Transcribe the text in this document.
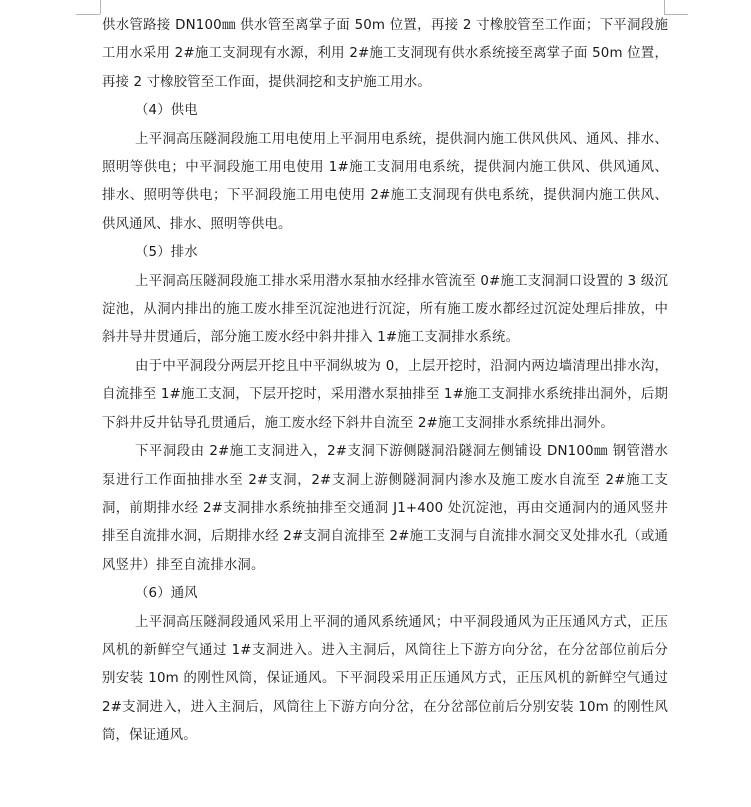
供水管路接 DN100㎜ 供水管至离掌子面 50m 位置，再接 2 寸橡胶管至工作面；下平洞段施工用水采用 2#施工支洞现有水源，利用 2#施工支洞现有供水系统接至离掌子面 50m 位置，再接 2 寸橡胶管至工作面，提供洞挖和支护施工用水。

（4）供电

上平洞高压隧洞段施工用电使用上平洞用电系统，提供洞内施工供风供风、通风、排水、照明等供电；中平洞段施工用电使用 1#施工支洞用电系统，提供洞内施工供风、供风通风、排水、照明等供电；下平洞段施工用电使用 2#施工支洞现有供电系统，提供洞内施工供风、供风通风、排水、照明等供电。

（5）排水

上平洞高压隧洞段施工排水采用潜水泵抽水经排水管流至 0#施工支洞洞口设置的 3 级沉淀池，从洞内排出的施工废水排至沉淀池进行沉淀，所有施工废水都经过沉淀处理后排放，中斜井导井贯通后，部分施工废水经中斜井排入 1#施工支洞排水系统。

由于中平洞段分两层开挖且中平洞纵坡为 0，上层开挖时，沿洞内两边墙清理出排水沟，自流排至 1#施工支洞，下层开挖时，采用潜水泵抽排至 1#施工支洞排水系统排出洞外，后期下斜井反井钻导孔贯通后，施工废水经下斜井自流至 2#施工支洞排水系统排出洞外。

下平洞段由 2#施工支洞进入，2#支洞下游侧隧洞沿隧洞左侧铺设 DN100㎜ 钢管潜水泵进行工作面抽排水至 2#支洞，2#支洞上游侧隧洞洞内渗水及施工废水自流至 2#施工支洞，前期排水经 2#支洞排水系统抽排至交通洞 J1+400 处沉淀池，再由交通洞内的通风竖井排至自流排水洞，后期排水经 2#支洞自流排至 2#施工支洞与自流排水洞交叉处排水孔（或通风竖井）排至自流排水洞。

（6）通风

上平洞高压隧洞段通风采用上平洞的通风系统通风；中平洞段通风为正压通风方式，正压风机的新鲜空气通过 1#支洞进入。进入主洞后，风筒往上下游方向分岔，在分岔部位前后分别安装 10m 的刚性风筒，保证通风。下平洞段采用正压通风方式，正压风机的新鲜空气通过 2#支洞进入，进入主洞后，风筒往上下游方向分岔，在分岔部位前后分别安装 10m 的刚性风筒，保证通风。
